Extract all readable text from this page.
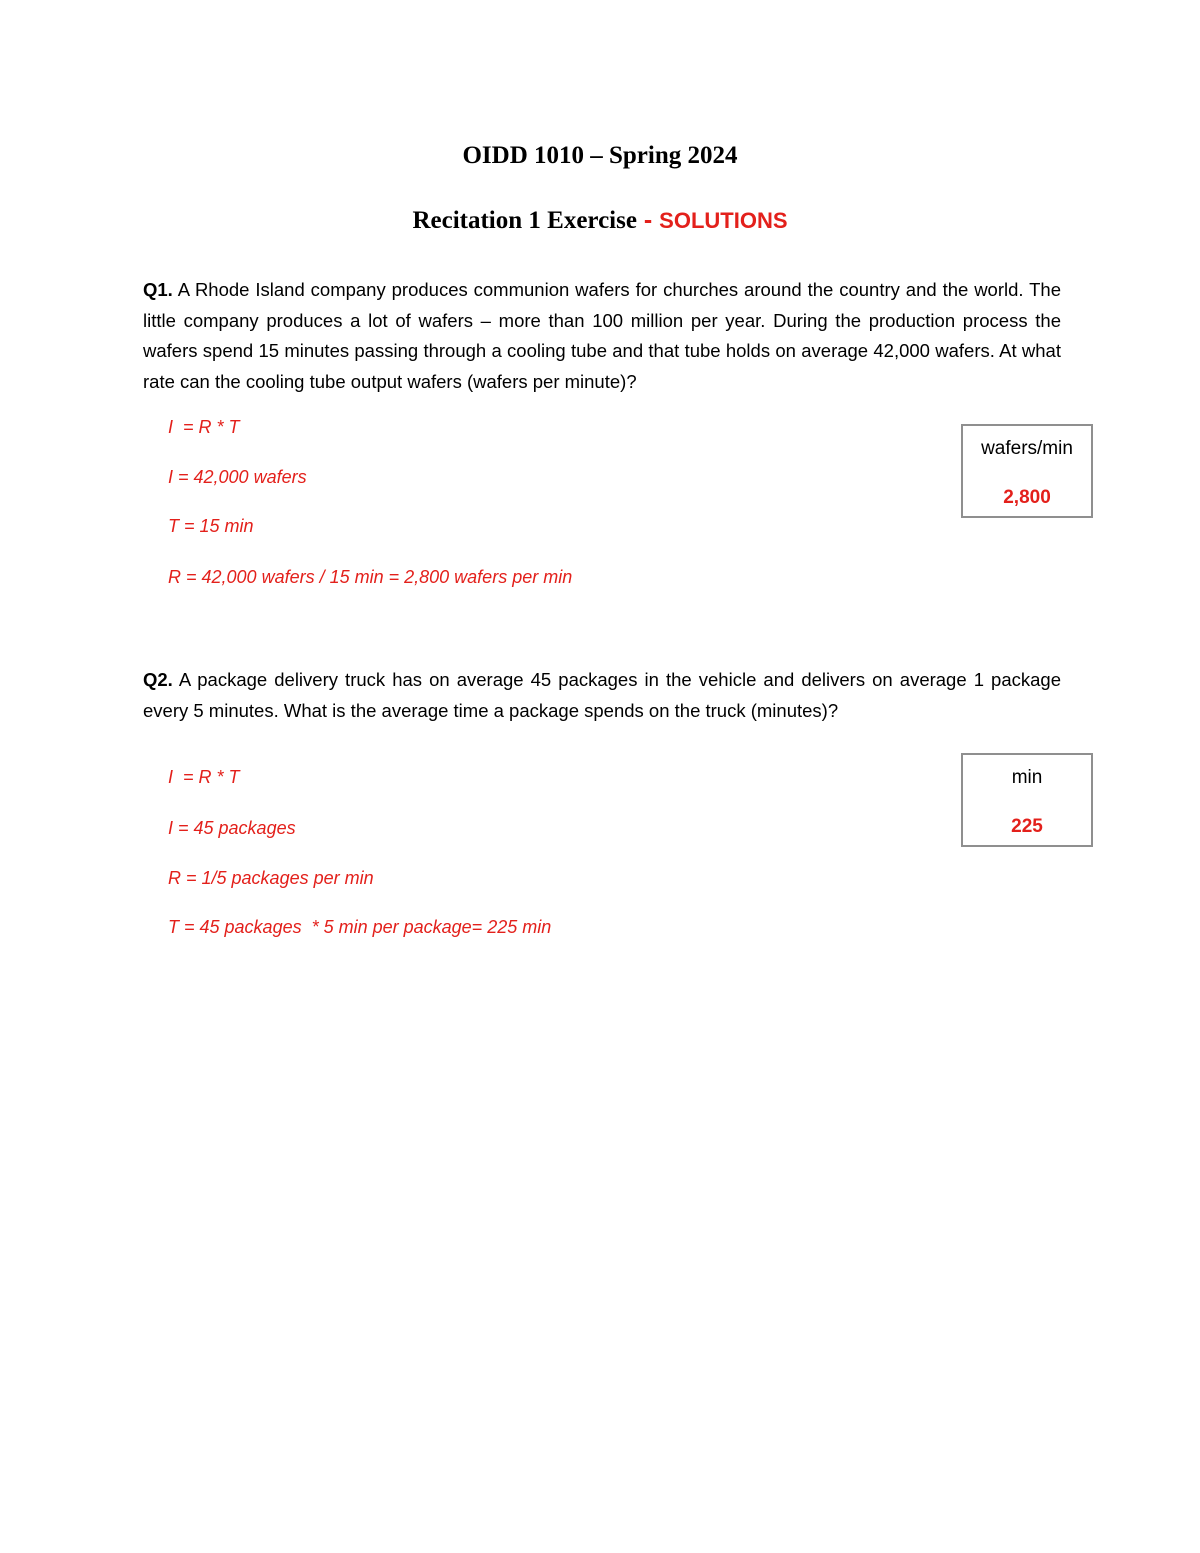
OIDD 1010 – Spring 2024
Recitation 1 Exercise - SOLUTIONS
Q1. A Rhode Island company produces communion wafers for churches around the country and the world. The little company produces a lot of wafers – more than 100 million per year. During the production process the wafers spend 15 minutes passing through a cooling tube and that tube holds on average 42,000 wafers. At what rate can the cooling tube output wafers (wafers per minute)?
I  = R * T
I = 42,000 wafers
T = 15 min
R = 42,000 wafers / 15 min = 2,800 wafers per min
wafers/min
2,800
Q2. A package delivery truck has on average 45 packages in the vehicle and delivers on average 1 package every 5 minutes. What is the average time a package spends on the truck (minutes)?
I  = R * T
I = 45 packages
R = 1/5 packages per min
T = 45 packages  * 5 min per package= 225 min
min
225
